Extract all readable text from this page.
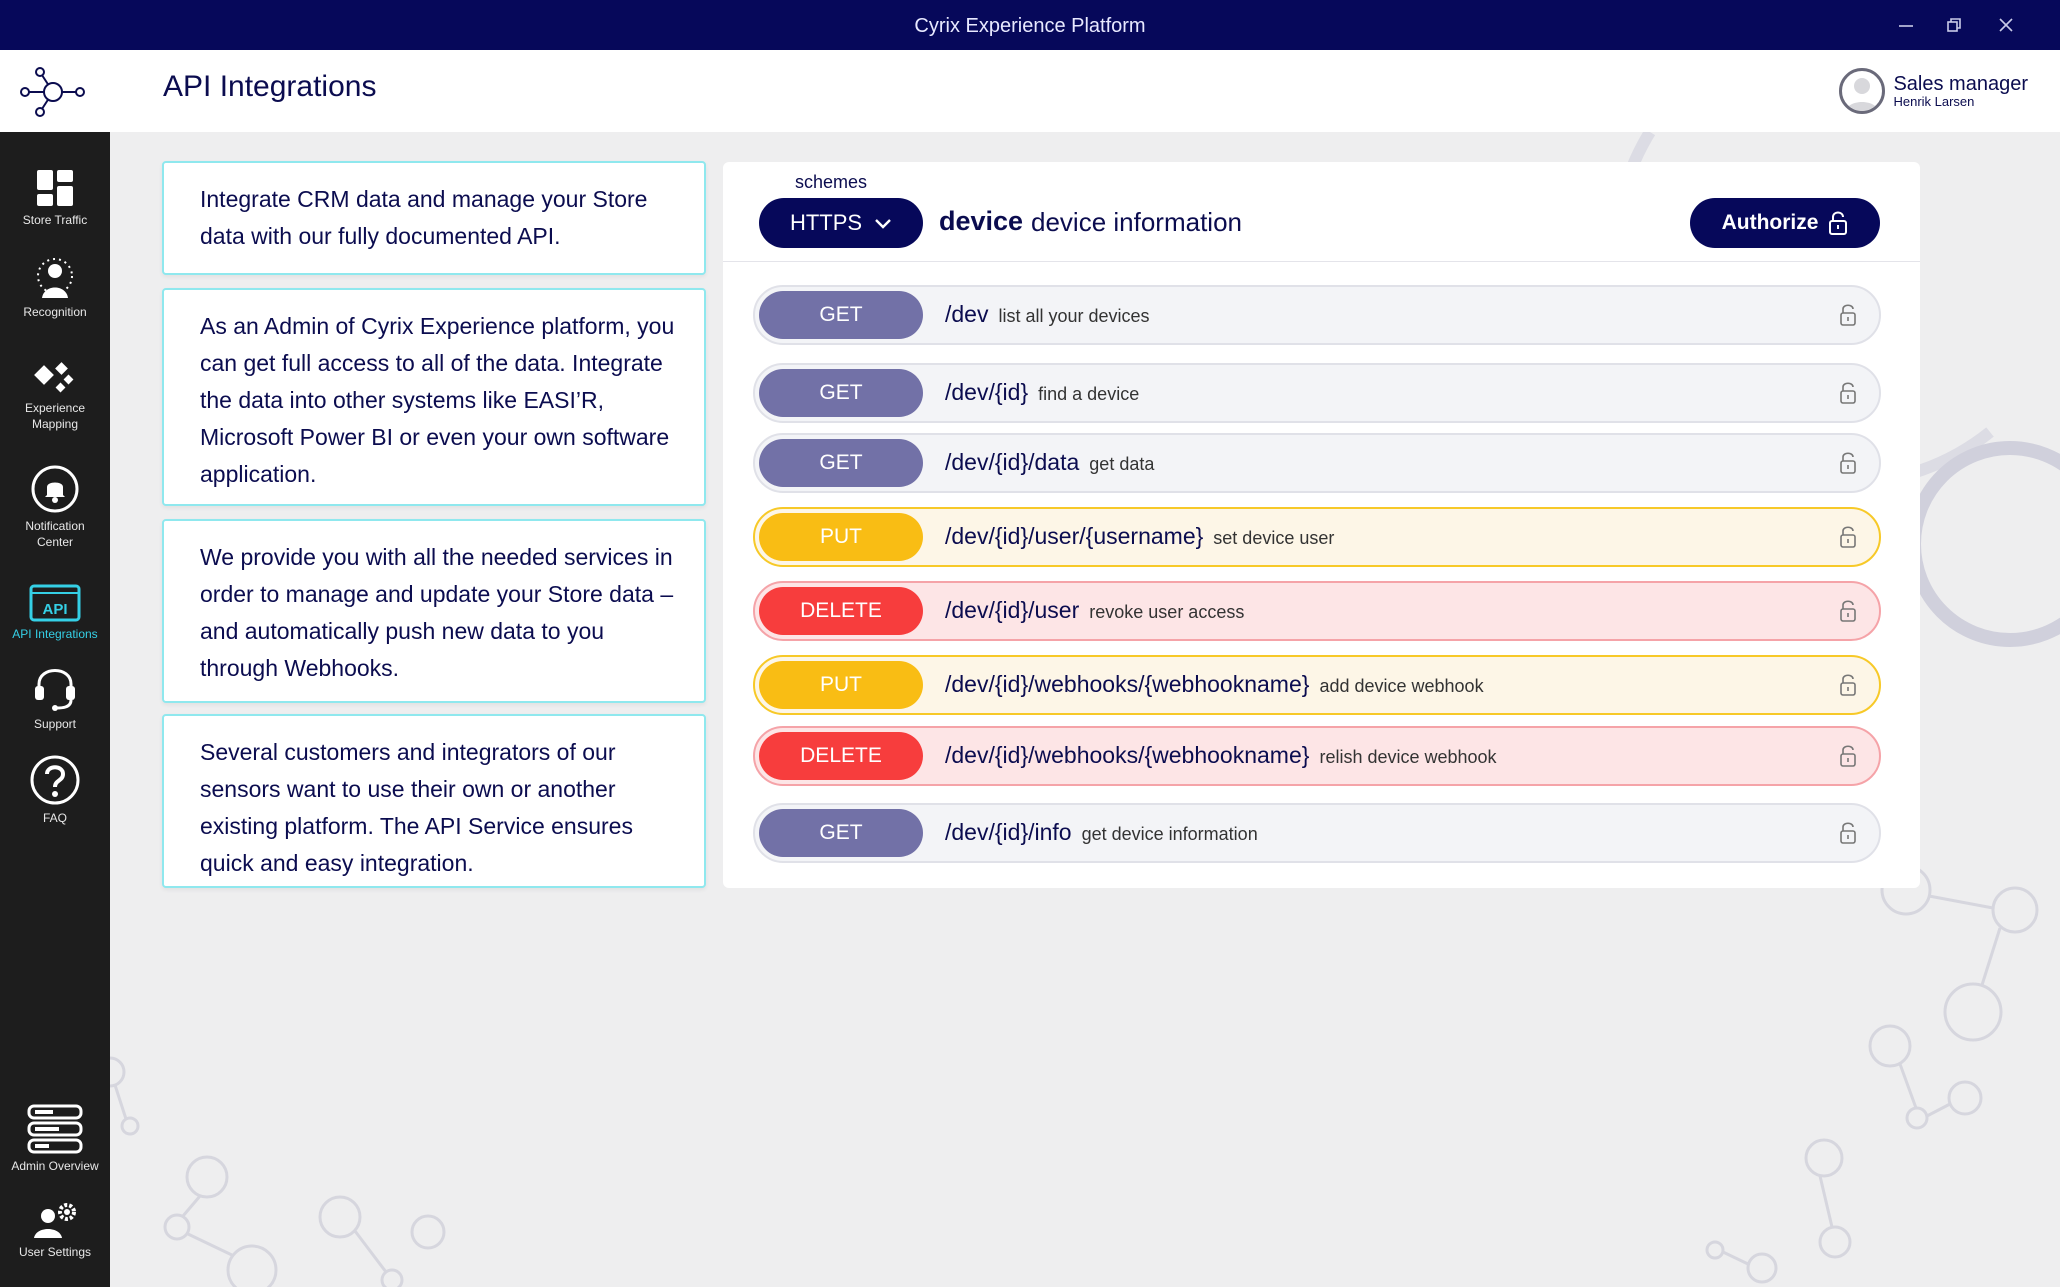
Cyrix Experience Platform
API Integrations	Sales manager
Henrik Larsen
Store Traffic
Recognition
Experience Mapping
Notification Center
API
API Integrations
Support
FAQ
Admin Overview
User Settings
Integrate CRM data and manage your Store data with our fully documented API.
As an Admin of Cyrix Experience platform, you can get full access to all of the data. Integrate the data into other systems like EASI’R, Microsoft Power BI or even your own software application.
We provide you with all the needed services in order to manage and update your Store data – and automatically push new data to you through Webhooks.
Several customers and integrators of our sensors want to use their own or another existing platform. The API Service ensures quick and easy integration.
schemes
HTTPS	device device information	Authorize
GET	/dev list all your devices
GET	/dev/{id} find a device
GET	/dev/{id}/data get data
PUT	/dev/{id}/user/{username} set device user
DELETE	/dev/{id}/user revoke user access
PUT	/dev/{id}/webhooks/{webhookname} add device webhook
DELETE	/dev/{id}/webhooks/{webhookname} relish device webhook
GET	/dev/{id}/info get device information
